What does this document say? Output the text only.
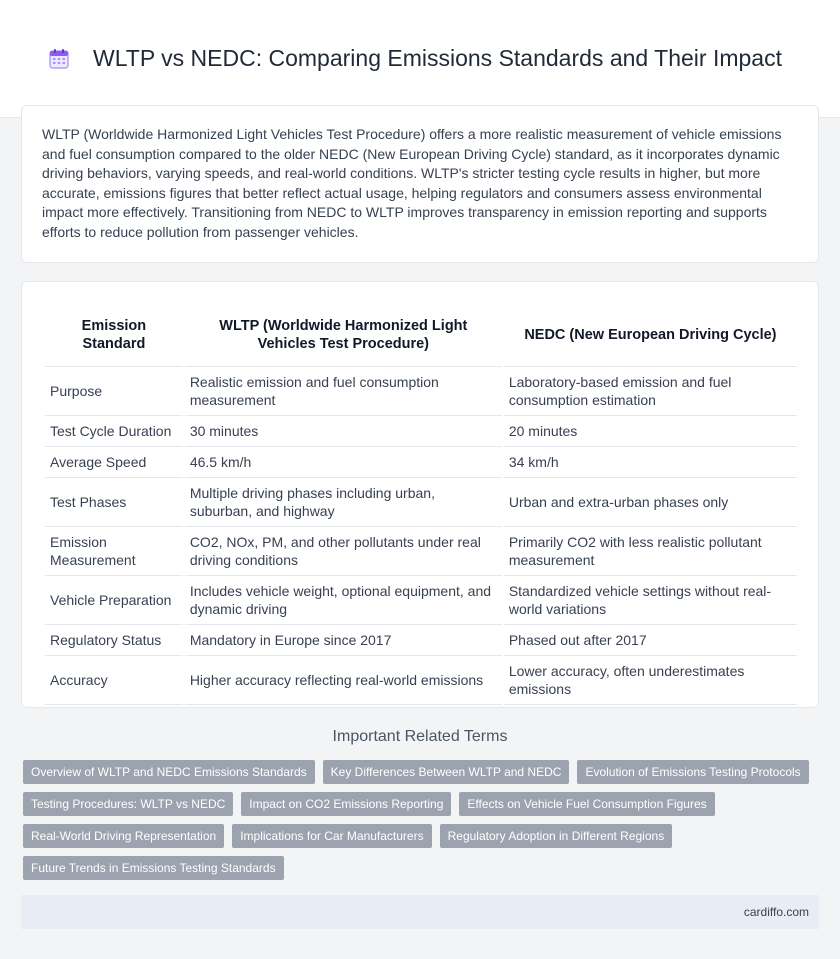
WLTP vs NEDC: Comparing Emissions Standards and Their Impact

WLTP (Worldwide Harmonized Light Vehicles Test Procedure) offers a more realistic measurement of vehicle emissions and fuel consumption compared to the older NEDC (New European Driving Cycle) standard, as it incorporates dynamic driving behaviors, varying speeds, and real-world conditions. WLTP's stricter testing cycle results in higher, but more accurate, emissions figures that better reflect actual usage, helping regulators and consumers assess environmental impact more effectively. Transitioning from NEDC to WLTP improves transparency in emission reporting and supports efforts to reduce pollution from passenger vehicles.

Emission Standard	WLTP (Worldwide Harmonized Light Vehicles Test Procedure)	NEDC (New European Driving Cycle)
Purpose	Realistic emission and fuel consumption measurement	Laboratory-based emission and fuel consumption estimation
Test Cycle Duration	30 minutes	20 minutes
Average Speed	46.5 km/h	34 km/h
Test Phases	Multiple driving phases including urban, suburban, and highway	Urban and extra-urban phases only
Emission Measurement	CO2, NOx, PM, and other pollutants under real driving conditions	Primarily CO2 with less realistic pollutant measurement
Vehicle Preparation	Includes vehicle weight, optional equipment, and dynamic driving	Standardized vehicle settings without real-world variations
Regulatory Status	Mandatory in Europe since 2017	Phased out after 2017
Accuracy	Higher accuracy reflecting real-world emissions	Lower accuracy, often underestimates emissions
Important Related Terms
Overview of WLTP and NEDC Emissions Standards	Key Differences Between WLTP and NEDC	Evolution of Emissions Testing Protocols
Testing Procedures: WLTP vs NEDC	Impact on CO2 Emissions Reporting	Effects on Vehicle Fuel Consumption Figures
Real-World Driving Representation	Implications for Car Manufacturers	Regulatory Adoption in Different Regions
Future Trends in Emissions Testing Standards
cardiffo.com
